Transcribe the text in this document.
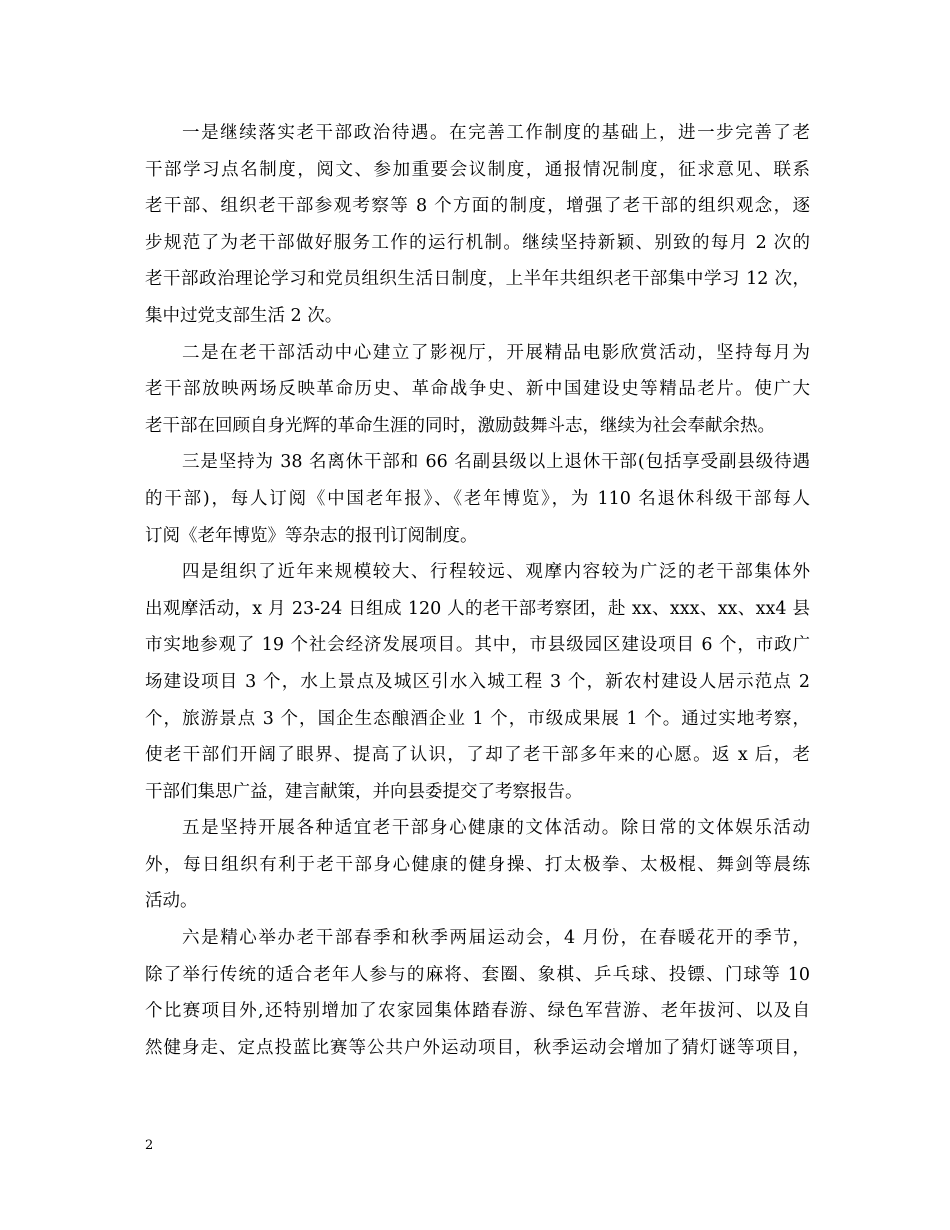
一是继续落实老干部政治待遇。在完善工作制度的基础上，进一步完善了老
干部学习点名制度，阅文、参加重要会议制度，通报情况制度，征求意见、联系
老干部、组织老干部参观考察等 8 个方面的制度，增强了老干部的组织观念，逐
步规范了为老干部做好服务工作的运行机制。继续坚持新颖、别致的每月 2 次的
老干部政治理论学习和党员组织生活日制度，上半年共组织老干部集中学习 12 次，
集中过党支部生活 2 次。
二是在老干部活动中心建立了影视厅，开展精品电影欣赏活动，坚持每月为
老干部放映两场反映革命历史、革命战争史、新中国建设史等精品老片。使广大
老干部在回顾自身光辉的革命生涯的同时，激励鼓舞斗志，继续为社会奉献余热。
三是坚持为 38 名离休干部和 66 名副县级以上退休干部(包括享受副县级待遇
的干部)，每人订阅《中国老年报》、《老年博览》，为 110 名退休科级干部每人
订阅《老年博览》等杂志的报刊订阅制度。
四是组织了近年来规模较大、行程较远、观摩内容较为广泛的老干部集体外
出观摩活动，x 月 23-24 日组成 120 人的老干部考察团，赴 xx、xxx、xx、xx4 县
市实地参观了 19 个社会经济发展项目。其中，市县级园区建设项目 6 个，市政广
场建设项目 3 个，水上景点及城区引水入城工程 3 个，新农村建设人居示范点 2
个，旅游景点 3 个，国企生态酿酒企业 1 个，市级成果展 1 个。通过实地考察，
使老干部们开阔了眼界、提高了认识，了却了老干部多年来的心愿。返 x 后，老
干部们集思广益，建言献策，并向县委提交了考察报告。
五是坚持开展各种适宜老干部身心健康的文体活动。除日常的文体娱乐活动
外，每日组织有利于老干部身心健康的健身操、打太极拳、太极棍、舞剑等晨练
活动。
六是精心举办老干部春季和秋季两届运动会，4 月份，在春暖花开的季节，
除了举行传统的适合老年人参与的麻将、套圈、象棋、乒乓球、投镖、门球等 10
个比赛项目外,还特别增加了农家园集体踏春游、绿色军营游、老年拔河、以及自
然健身走、定点投蓝比赛等公共户外运动项目，秋季运动会增加了猜灯谜等项目，
2
